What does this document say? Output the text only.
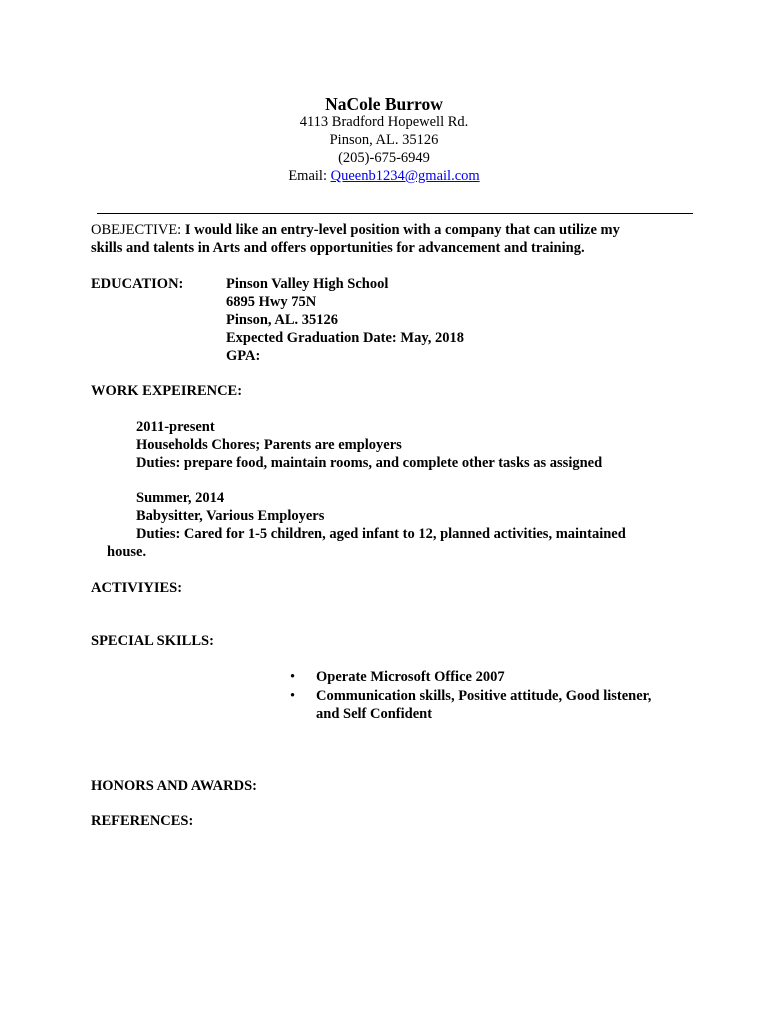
NaCole Burrow
4113 Bradford Hopewell Rd.
Pinson, AL. 35126
(205)-675-6949
Email: Queenb1234@gmail.com
OBEJECTIVE: I would like an entry-level position with a company that can utilize my
skills and talents in Arts and offers opportunities for advancement and training.
EDUCATION:	Pinson Valley High School
6895 Hwy 75N
Pinson, AL. 35126
Expected Graduation Date: May, 2018
GPA:
WORK EXPEIRENCE:
2011-present
Households Chores; Parents are employers
Duties: prepare food, maintain rooms, and complete other tasks as assigned
Summer, 2014
Babysitter, Various Employers
Duties: Cared for 1-5 children, aged infant to 12, planned activities, maintained
house.
ACTIVIYIES:
SPECIAL SKILLS:
• Operate Microsoft Office 2007
• Communication skills, Positive attitude, Good listener,
and Self Confident
HONORS AND AWARDS:
REFERENCES:
